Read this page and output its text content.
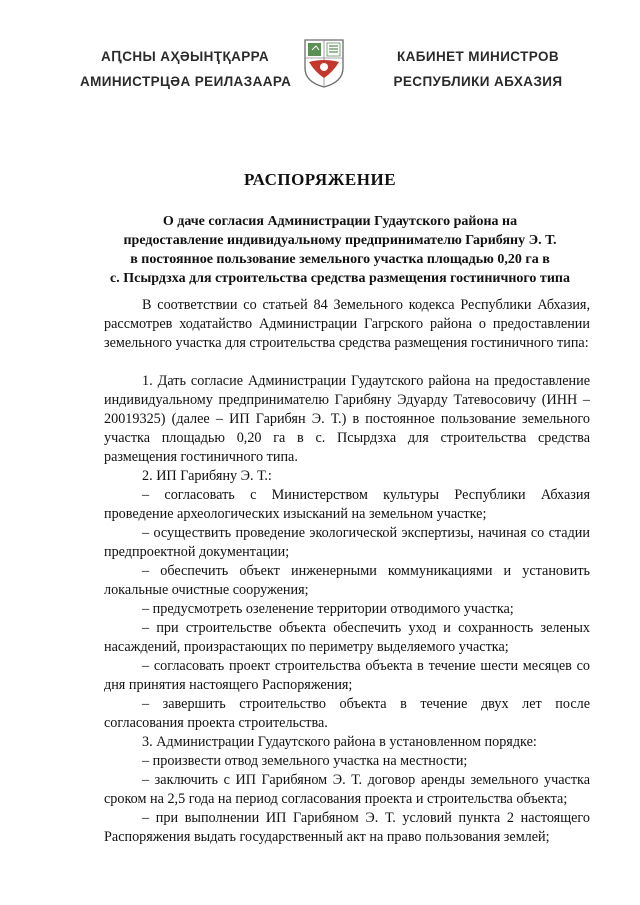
АԤСНЫ АҲӘЫНҬҚАРРА
АМИНИСТРЦӘА РЕИЛАЗААРА
КАБИНЕТ МИНИСТРОВ
РЕСПУБЛИКИ АБХАЗИЯ
РАСПОРЯЖЕНИЕ
О даче согласия Администрации Гудаутского района на
предоставление индивидуальному предпринимателю Гарибяну Э. Т.
в постоянное пользование земельного участка площадью 0,20 га в
с. Псырдзха для строительства средства размещения гостиничного типа

В соответствии со статьей 84 Земельного кодекса Республики Абхазия, рассмотрев ходатайство Администрации Гагрского района о предоставлении земельного участка для строительства средства размещения гостиничного типа:

1. Дать согласие Администрации Гудаутского района на предоставление индивидуальному предпринимателю Гарибяну Эдуарду Татевосовичу (ИНН – 20019325) (далее – ИП Гарибян Э. Т.) в постоянное пользование земельного участка площадью 0,20 га в с. Псырдзха для строительства средства размещения гостиничного типа.

2. ИП Гарибяну Э. Т.:

– согласовать с Министерством культуры Республики Абхазия проведение археологических изысканий на земельном участке;

– осуществить проведение экологической экспертизы, начиная со стадии предпроектной документации;

– обеспечить объект инженерными коммуникациями и установить локальные очистные сооружения;

– предусмотреть озеленение территории отводимого участка;

– при строительстве объекта обеспечить уход и сохранность зеленых насаждений, произрастающих по периметру выделяемого участка;

– согласовать проект строительства объекта в течение шести месяцев со дня принятия настоящего Распоряжения;

– завершить строительство объекта в течение двух лет после согласования проекта строительства.

3. Администрации Гудаутского района в установленном порядке:

– произвести отвод земельного участка на местности;

– заключить с ИП Гарибяном Э. Т. договор аренды земельного участка сроком на 2,5 года на период согласования проекта и строительства объекта;

– при выполнении ИП Гарибяном Э. Т. условий пункта 2 настоящего Распоряжения выдать государственный акт на право пользования землей;
